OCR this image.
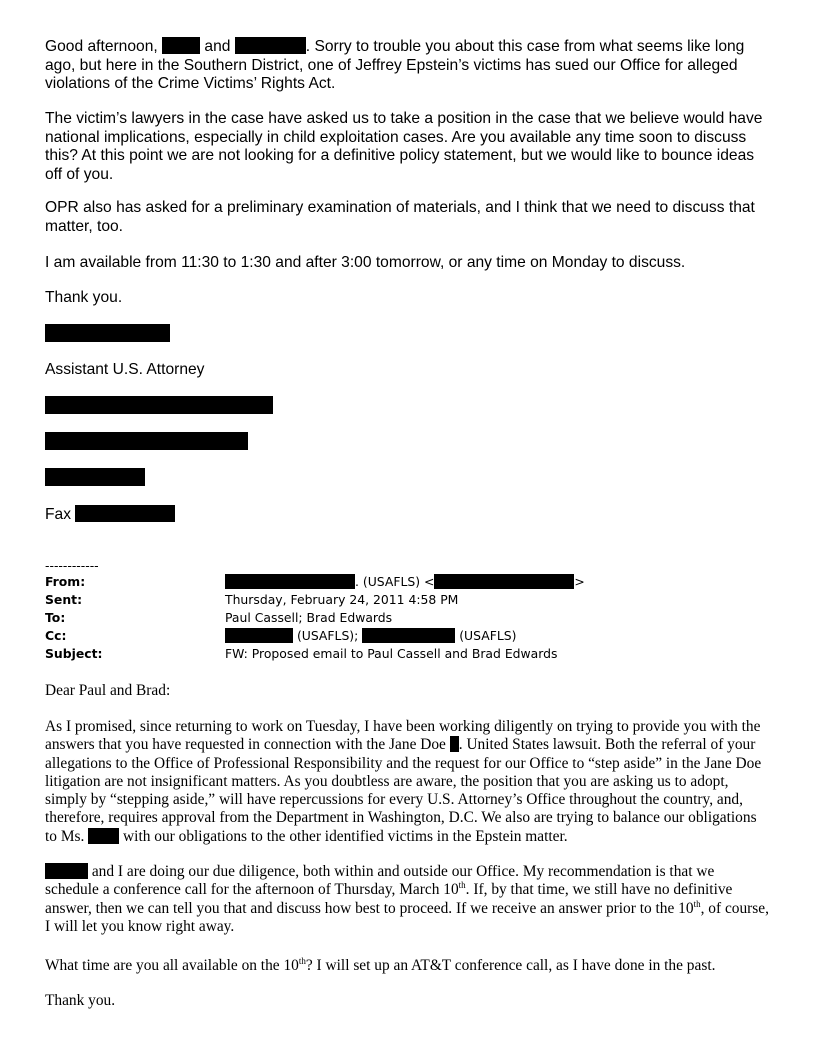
Good afternoon,	and	. Sorry to trouble you about this case from what seems like long ago, but here in the Southern District, one of Jeffrey Epstein’s victims has sued our Office for alleged violations of the Crime Victims’ Rights Act.

The victim’s lawyers in the case have asked us to take a position in the case that we believe would have national implications, especially in child exploitation cases. Are you available any time soon to discuss this? At this point we are not looking for a definitive policy statement, but we would like to bounce ideas off of you.

OPR also has asked for a preliminary examination of materials, and I think that we need to discuss that matter, too.

I am available from 11:30 to 1:30 and after 3:00 tomorrow, or any time on Monday to discuss.

Thank you.

Assistant U.S. Attorney

Fax
------------
From:	. (USAFLS) <	>
Sent:	Thursday, February 24, 2011 4:58 PM
To:	Paul Cassell; Brad Edwards
Cc:	(USAFLS);	(USAFLS)
Subject:	FW: Proposed email to Paul Cassell and Brad Edwards

Dear Paul and Brad:

As I promised, since returning to work on Tuesday, I have been working diligently on trying to provide you with the answers that you have requested in connection with the Jane Doe . United States lawsuit. Both the referral of your allegations to the Office of Professional Responsibility and the request for our Office to “step aside” in the Jane Doe litigation are not insignificant matters. As you doubtless are aware, the position that you are asking us to adopt, simply by “stepping aside,” will have repercussions for every U.S. Attorney’s Office throughout the country, and, therefore, requires approval from the Department in Washington, D.C. We also are trying to balance our obligations to Ms.  with our obligations to the other identified victims in the Epstein matter.

and I are doing our due diligence, both within and outside our Office. My recommendation is that we schedule a conference call for the afternoon of Thursday, March 10th. If, by that time, we still have no definitive answer, then we can tell you that and discuss how best to proceed. If we receive an answer prior to the 10th, of course, I will let you know right away.

What time are you all available on the 10th? I will set up an AT&T conference call, as I have done in the past.

Thank you.
